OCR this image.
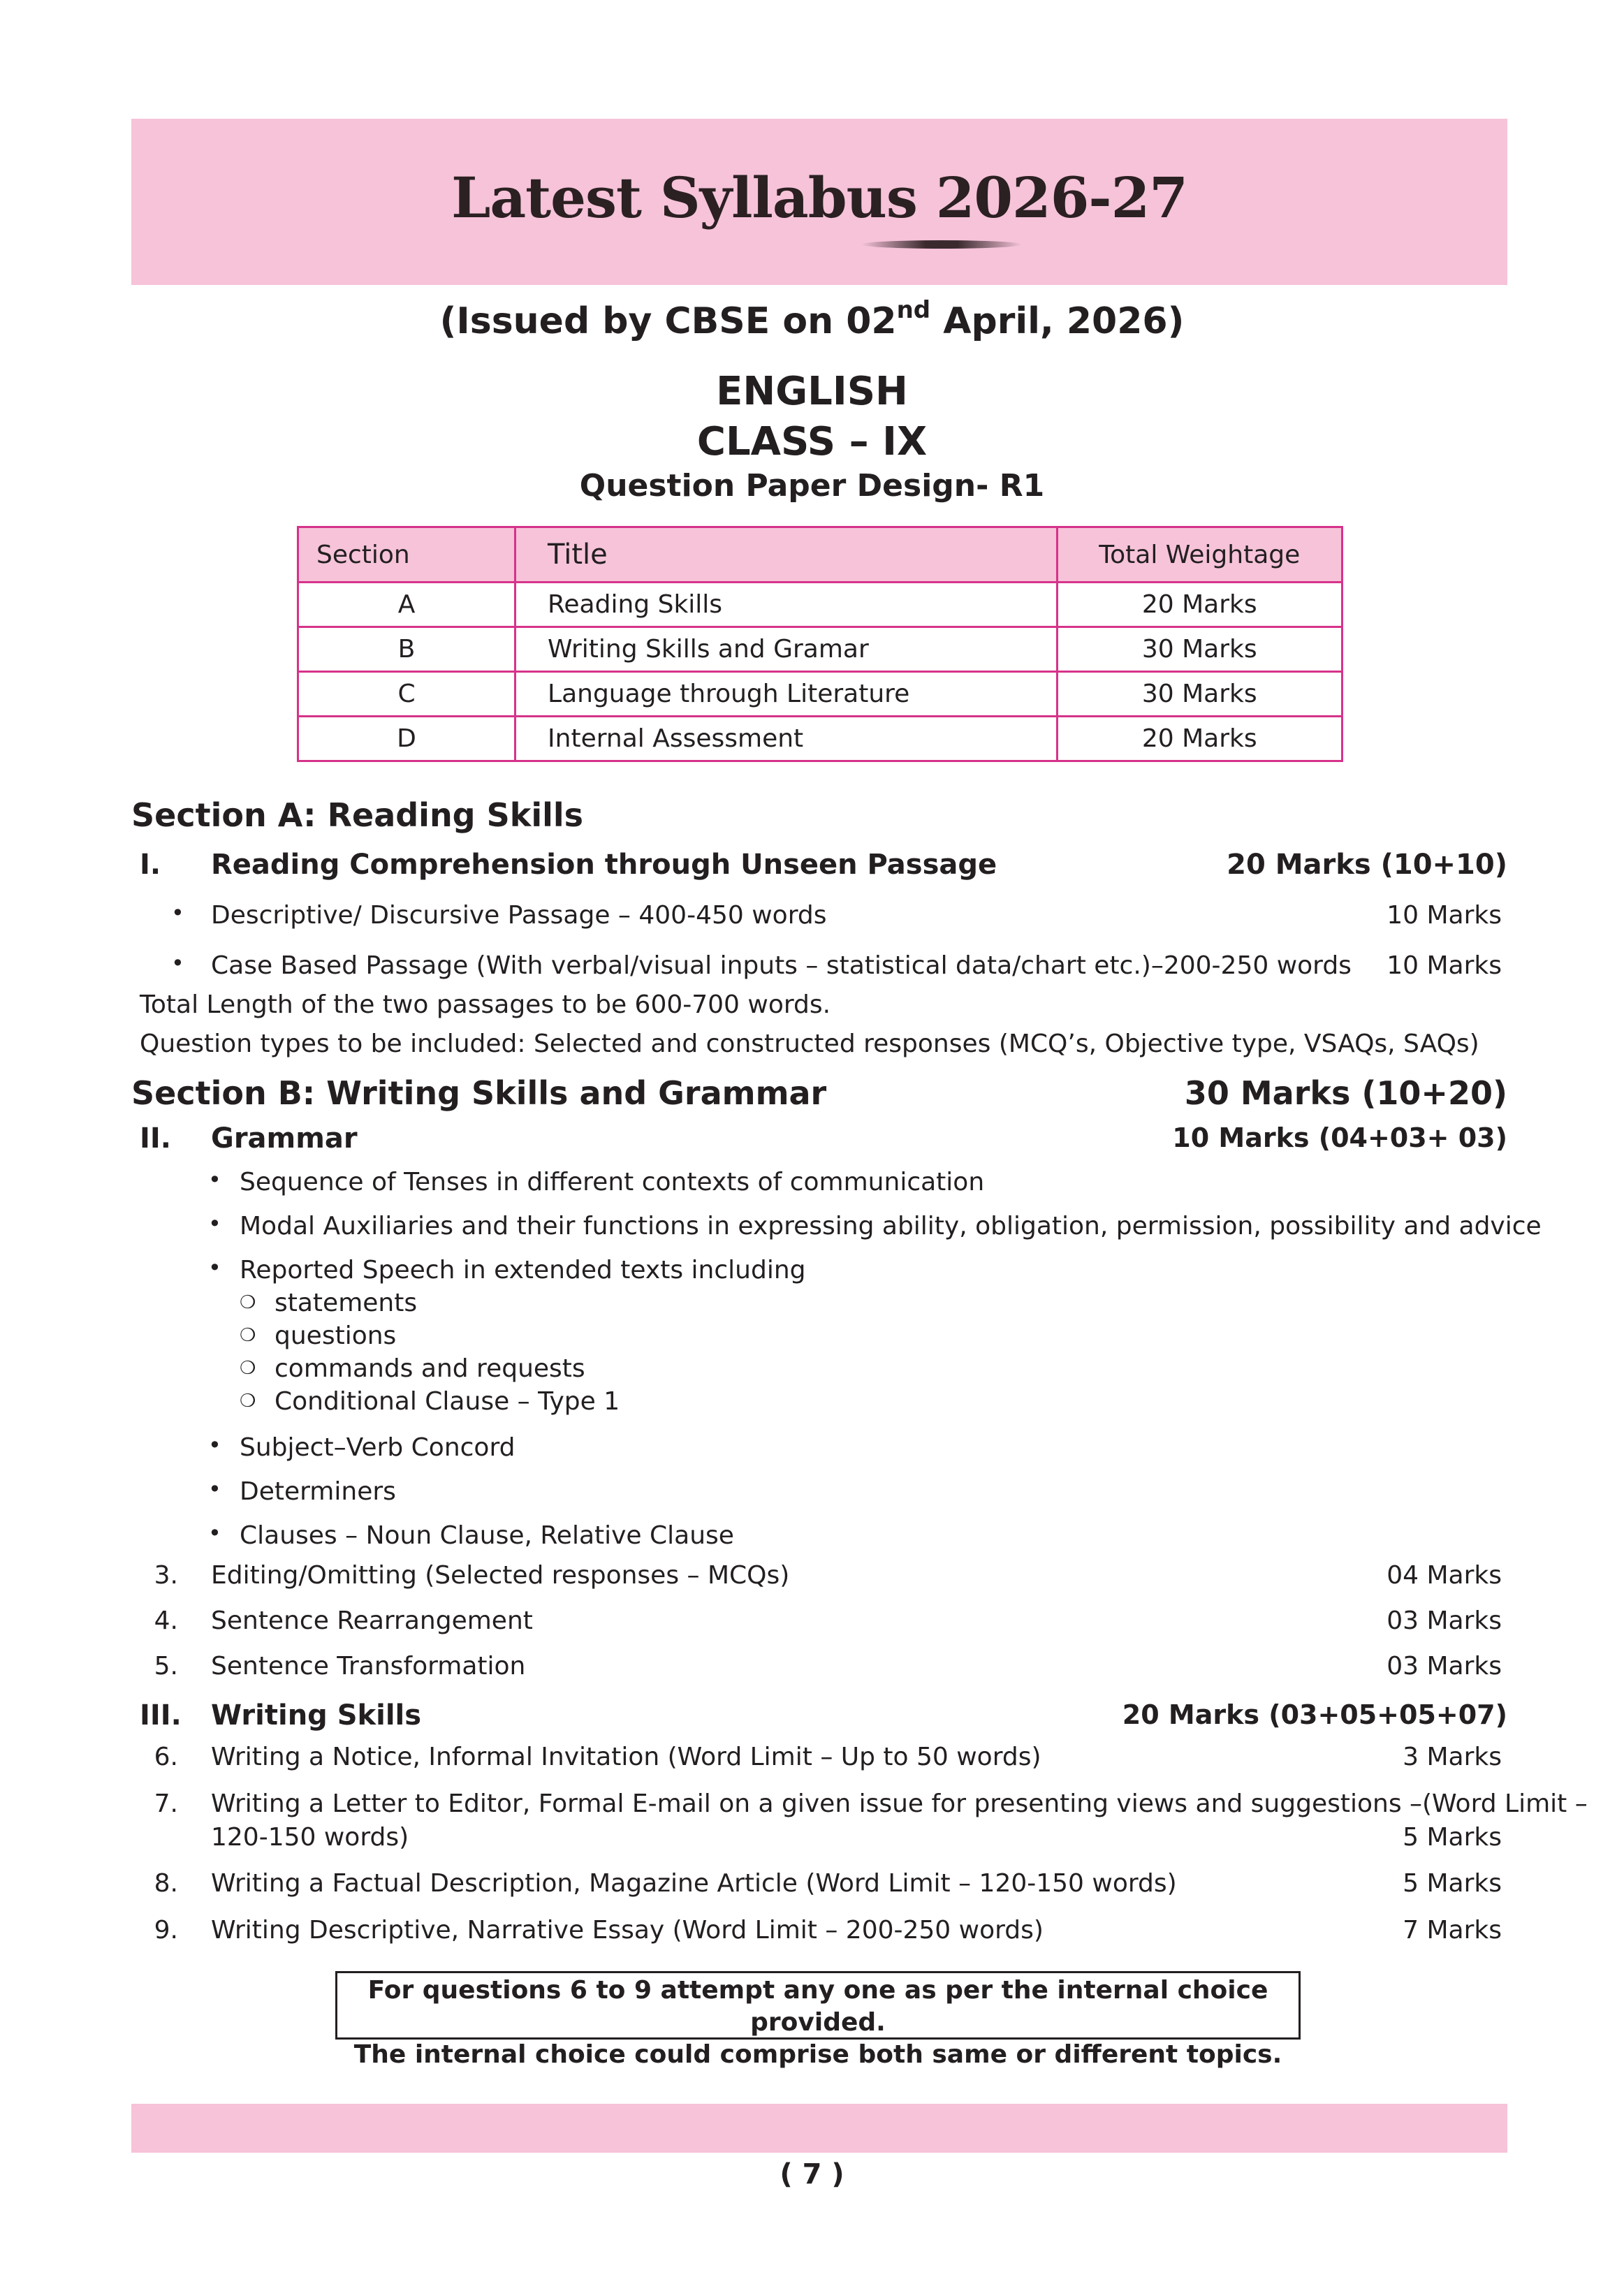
Latest Syllabus 2026-27
(Issued by CBSE on 02nd April, 2026)
ENGLISH
CLASS – IX
Question Paper Design- R1
Section	Title	Total Weightage
A	Reading Skills	20 Marks
B	Writing Skills and Gramar	30 Marks
C	Language through Literature	30 Marks
D	Internal Assessment	20 Marks
Section A: Reading Skills
I. Reading Comprehension through Unseen Passage	20 Marks (10+10)
• Descriptive/ Discursive Passage – 400-450 words	10 Marks
• Case Based Passage (With verbal/visual inputs – statistical data/chart etc.)–200-250 words 10 Marks
Total Length of the two passages to be 600-700 words.
Question types to be included: Selected and constructed responses (MCQ’s, Objective type, VSAQs, SAQs)
Section B: Writing Skills and Grammar	30 Marks (10+20)
II. Grammar	10 Marks (04+03+ 03)
• Sequence of Tenses in different contexts of communication
• Modal Auxiliaries and their functions in expressing ability, obligation, permission, possibility and advice
• Reported Speech in extended texts including
❍ statements
❍ questions
❍ commands and requests
❍ Conditional Clause – Type 1
• Subject–Verb Concord
• Determiners
• Clauses – Noun Clause, Relative Clause
3. Editing/Omitting (Selected responses – MCQs)	04 Marks
4. Sentence Rearrangement	03 Marks
5. Sentence Transformation	03 Marks
III. Writing Skills	20 Marks (03+05+05+07)
6. Writing a Notice, Informal Invitation (Word Limit – Up to 50 words)	3 Marks
7. Writing a Letter to Editor, Formal E-mail on a given issue for presenting views and suggestions –(Word Limit –
120-150 words)	5 Marks
8. Writing a Factual Description, Magazine Article (Word Limit – 120-150 words)	5 Marks
9. Writing Descriptive, Narrative Essay (Word Limit – 200-250 words)	7 Marks
For questions 6 to 9 attempt any one as per the internal choice provided.
The internal choice could comprise both same or different topics.
( 7 )
